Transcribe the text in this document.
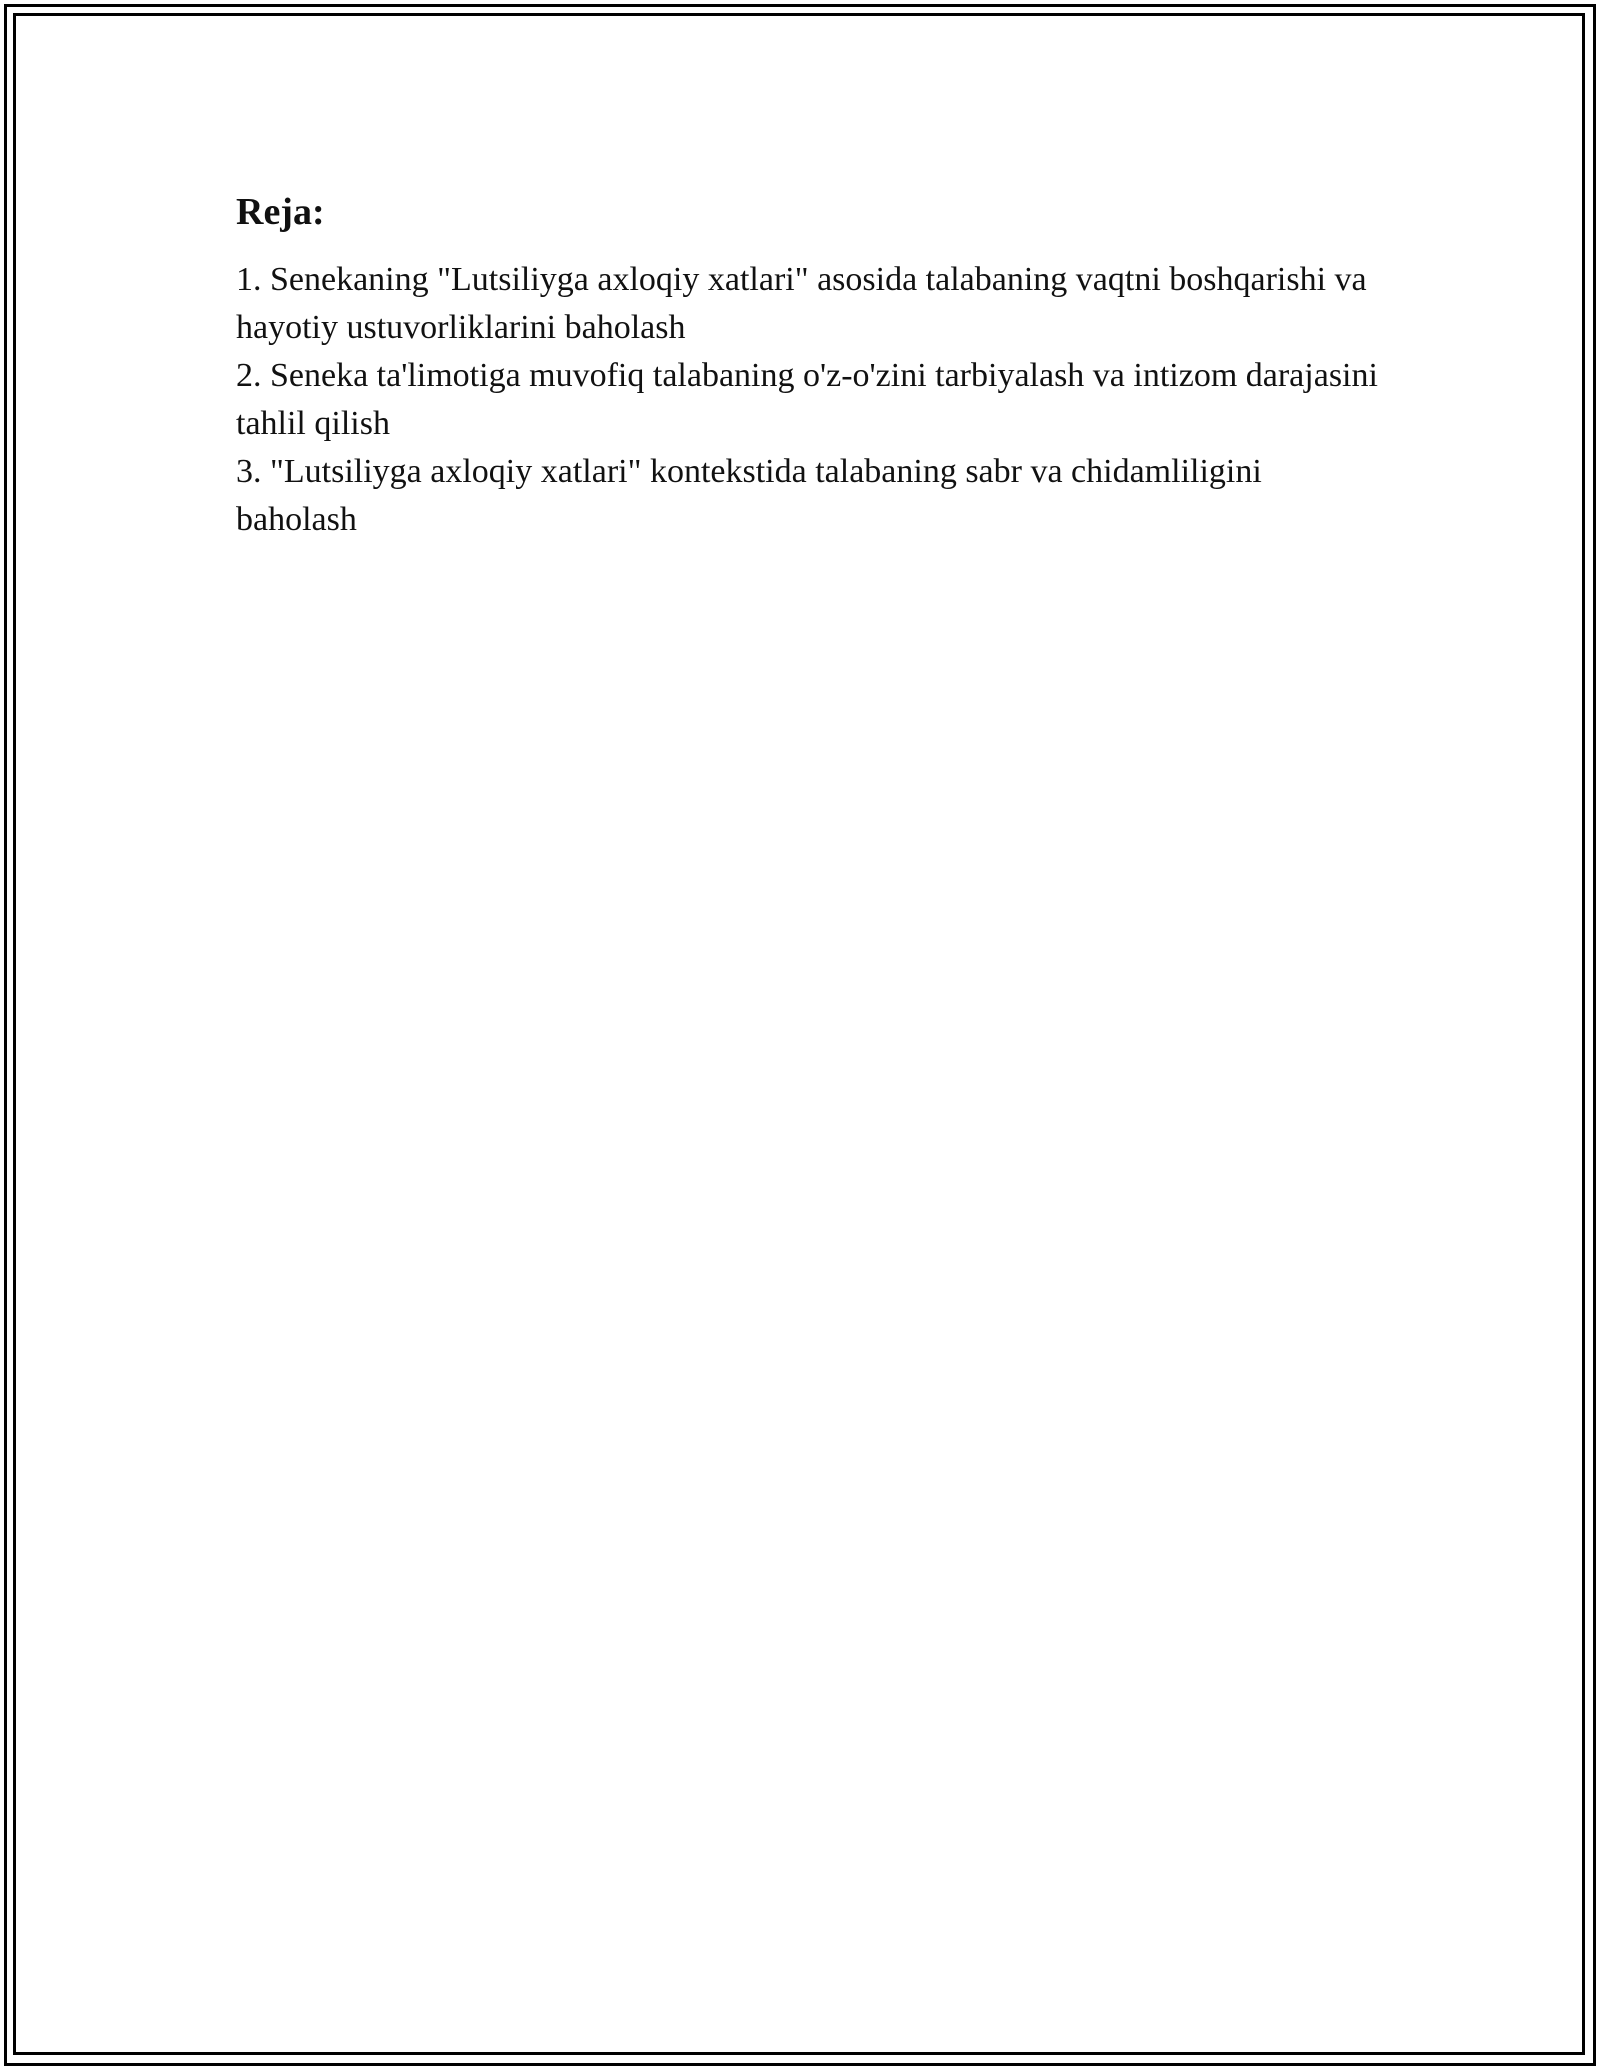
Reja:

1. Senekaning "Lutsiliyga axloqiy xatlari" asosida talabaning vaqtni boshqarishi va hayotiy ustuvorliklarini baholash

2. Seneka ta'limotiga muvofiq talabaning o'z-o'zini tarbiyalash va intizom darajasini tahlil qilish

3. "Lutsiliyga axloqiy xatlari" kontekstida talabaning sabr va chidamliligini baholash
